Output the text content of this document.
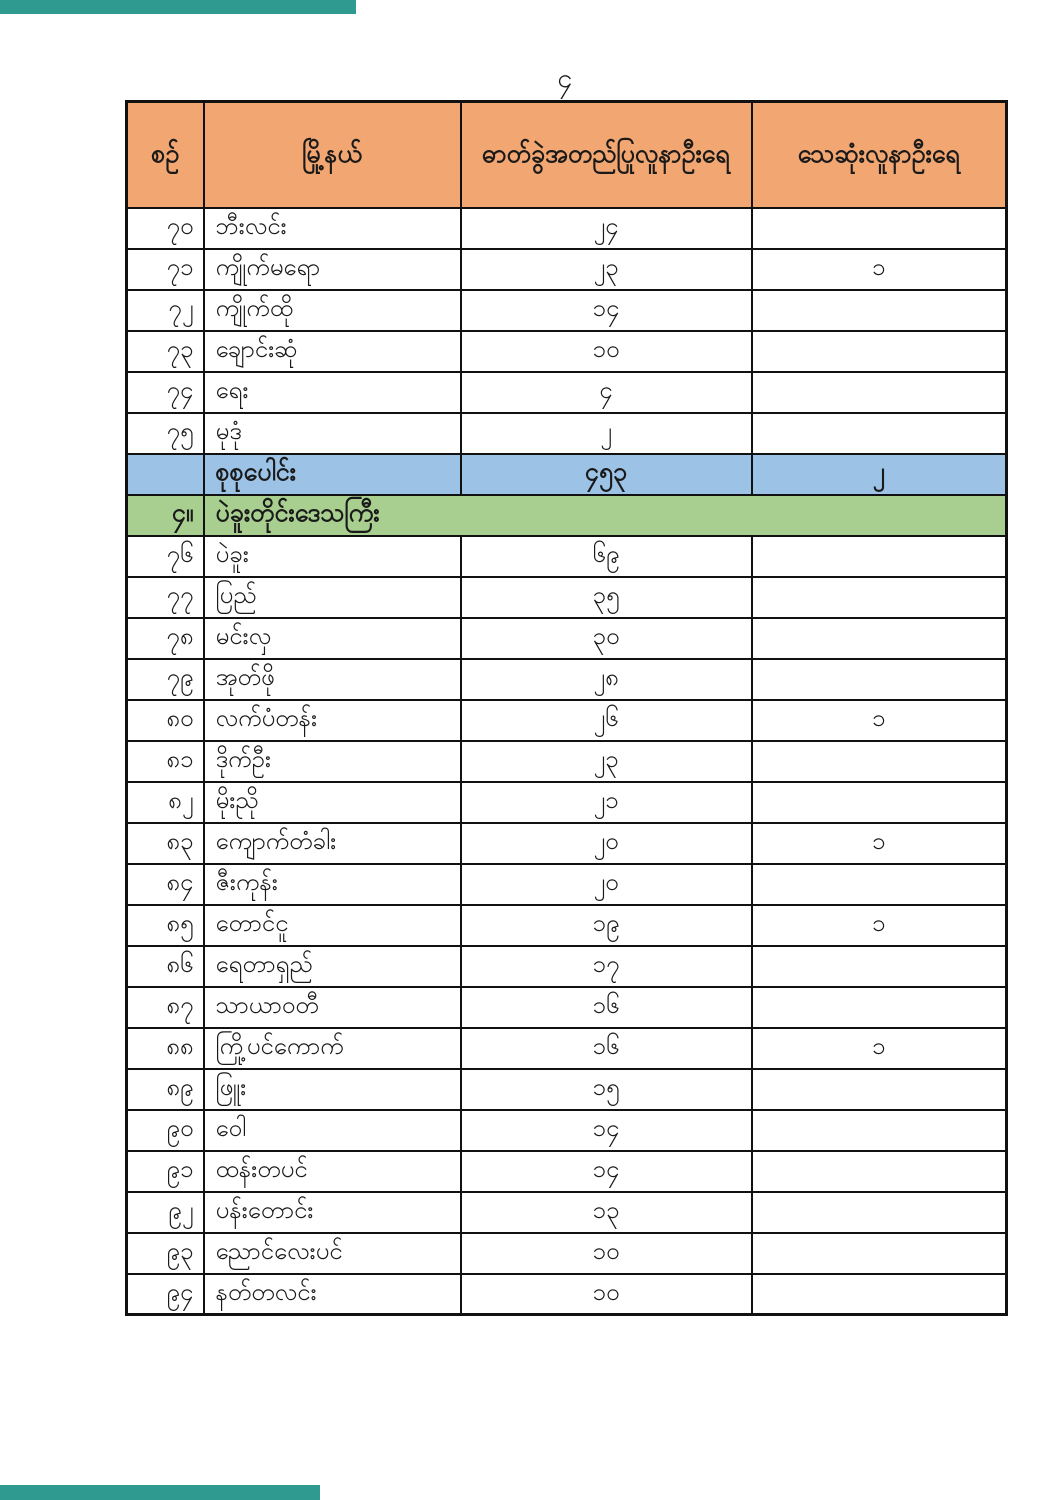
၄
စဉ်	မြို့နယ်	ဓာတ်ခွဲအတည်ပြုလူနာဦးရေ	သေဆုံးလူနာဦးရေ
၇၀	ဘီးလင်း	၂၄	
၇၁	ကျိုက်မရော	၂၃	၁
၇၂	ကျိုက်ထို	၁၄	
၇၃	ချောင်းဆုံ	၁၀	
၇၄	ရေး	၄	
၇၅	မုဒုံ	၂	
	စုစုပေါင်း	၄၅၃	၂
၄။	ပဲခူးတိုင်းဒေသကြီး		
၇၆	ပဲခူး	၆၉	
၇၇	ပြည်	၃၅	
၇၈	မင်းလှ	၃၀	
၇၉	အုတ်ဖို	၂၈	
၈၀	လက်ပံတန်း	၂၆	၁
၈၁	ဒိုက်ဦး	၂၃	
၈၂	မိုးညို	၂၁	
၈၃	ကျောက်တံခါး	၂၀	၁
၈၄	ဇီးကုန်း	၂၀	
၈၅	တောင်ငူ	၁၉	၁
၈၆	ရေတာရှည်	၁၇	
၈၇	သာယာဝတီ	၁၆	
၈၈	ကြို့ပင်ကောက်	၁၆	၁
၈၉	ဖြူး	၁၅	
၉၀	ဝေါ	၁၄	
၉၁	ထန်းတပင်	၁၄	
၉၂	ပန်းတောင်း	၁၃	
၉၃	ညောင်လေးပင်	၁၀	
၉၄	နတ်တလင်း	၁၀	
